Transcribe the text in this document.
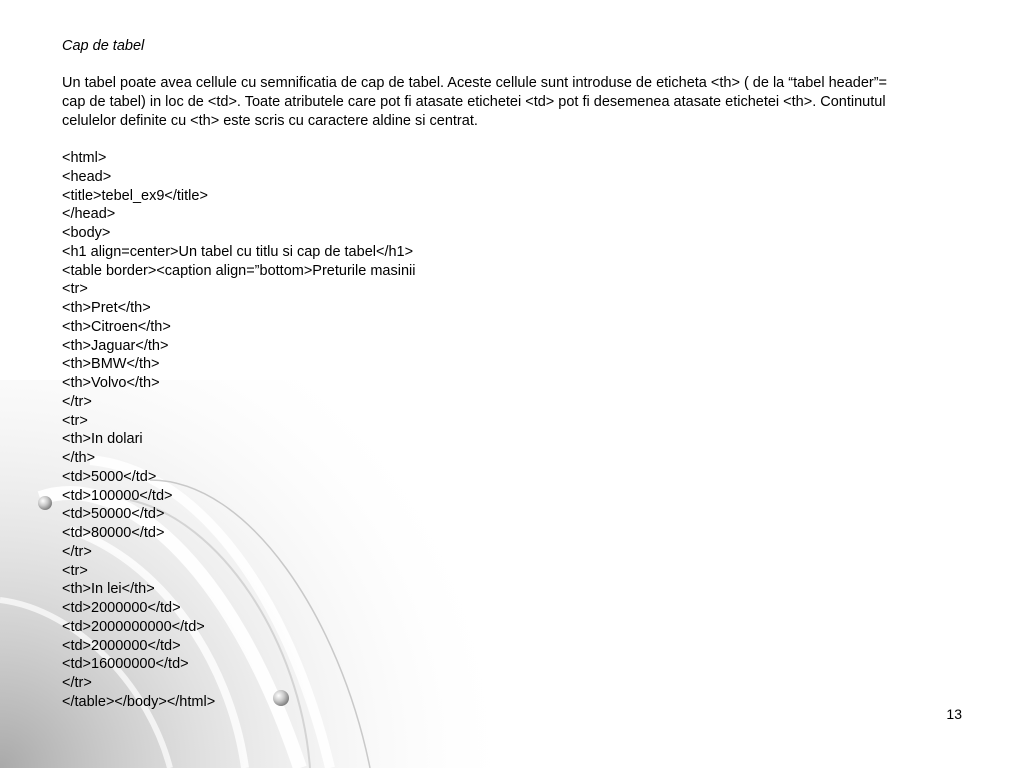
Cap de tabel

Un tabel poate avea cellule cu semnificatia de cap de tabel. Aceste cellule sunt introduse de eticheta <th> ( de la “tabel header”=
cap de tabel) in loc de <td>. Toate atributele care pot fi atasate etichetei <td> pot fi desemenea atasate etichetei <th>. Continutul
celulelor definite cu <th> este scris cu caractere aldine si centrat.

<html>
<head>
<title>tebel_ex9</title>
</head>
<body>
<h1 align=center>Un tabel cu titlu si cap de tabel</h1>
<table border><caption align=”bottom>Preturile masinii
<tr>
<th>Pret</th>
<th>Citroen</th>
<th>Jaguar</th>
<th>BMW</th>
<th>Volvo</th>
</tr>
<tr>
<th>In dolari
</th>
<td>5000</td>
<td>100000</td>
<td>50000</td>
<td>80000</td>
</tr>
<tr>
<th>In lei</th>
<td>2000000</td>
<td>2000000000</td>
<td>2000000</td>
<td>16000000</td>
</tr>
</table></body></html>
13
